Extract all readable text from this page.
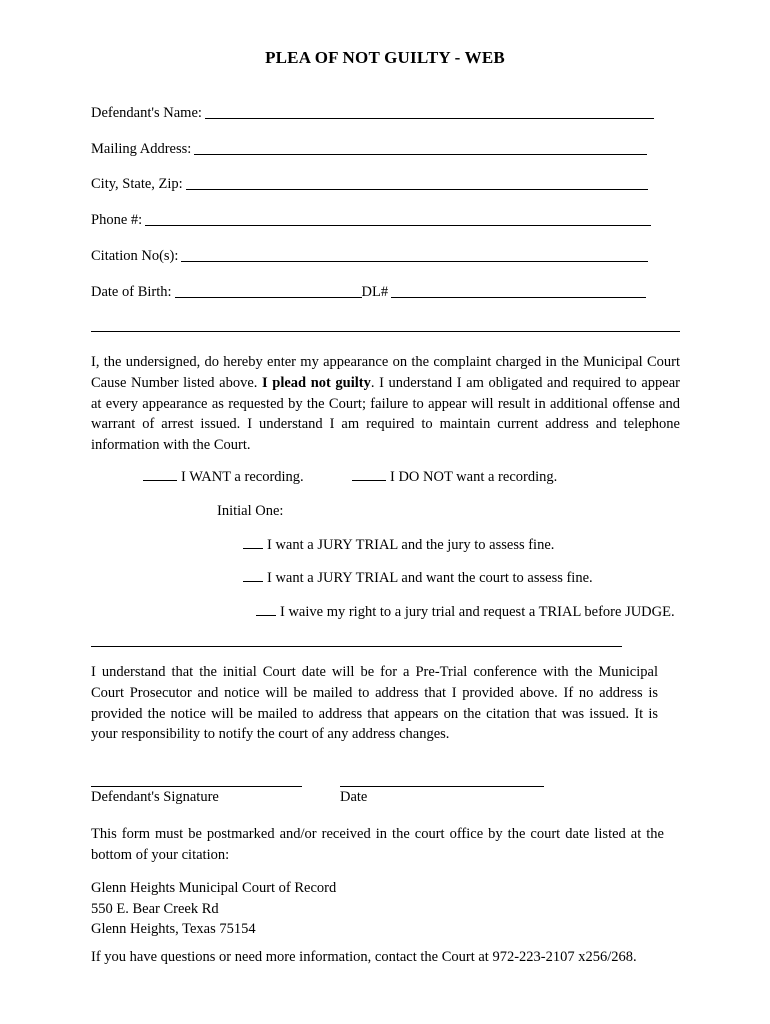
PLEA OF NOT GUILTY - WEB
Defendant's Name:
Mailing Address:
City, State, Zip:
Phone #:
Citation No(s):
Date of Birth:	DL#
I, the undersigned, do hereby enter my appearance on the complaint charged in the Municipal Court
Cause Number listed above. I plead not guilty. I understand I am obligated and required to appear
at every appearance as requested by the Court; failure to appear will result in additional offense and
warrant of arrest issued. I understand I am required to maintain current address and telephone
information with the Court.
I WANT a recording.	I DO NOT want a recording.
Initial One:
I want a JURY TRIAL and the jury to assess fine.
I want a JURY TRIAL and want the court to assess fine.
I waive my right to a jury trial and request a TRIAL before JUDGE.
I understand that the initial Court date will be for a Pre-Trial conference with the Municipal
Court Prosecutor and notice will be mailed to address that I provided above. If no address is
provided the notice will be mailed to address that appears on the citation that was issued. It is
your responsibility to notify the court of any address changes.
Defendant's Signature	Date
This form must be postmarked and/or received in the court office by the court date listed at the
bottom of your citation:
Glenn Heights Municipal Court of Record
550 E. Bear Creek Rd
Glenn Heights, Texas 75154
If you have questions or need more information, contact the Court at 972-223-2107 x256/268.
